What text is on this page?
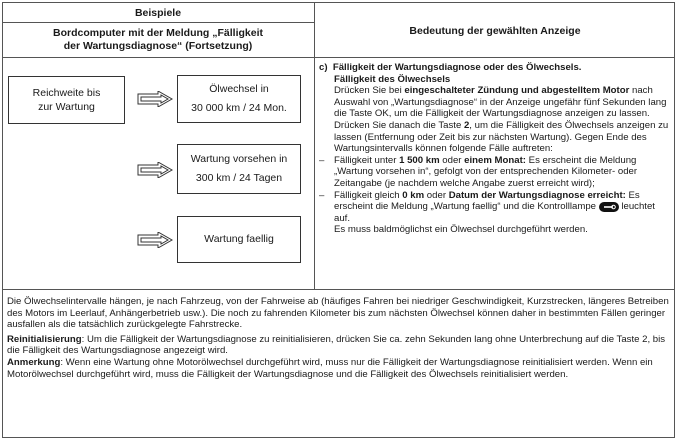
Beispiele
Bordcomputer mit der Meldung „Fälligkeit
der Wartungsdiagnose“ (Fortsetzung)
Bedeutung der gewählten Anzeige
Reichweite bis
zur Wartung
Ölwechsel in
30 000 km / 24 Mon.
Wartung vorsehen in
300 km / 24 Tagen
Wartung faellig

c)  Fälligkeit der Wartungsdiagnose oder des Ölwechsels.

Fälligkeit des Ölwechsels

Drücken Sie bei eingeschalteter Zündung und abgestelltem Motor nach Auswahl von „Wartungsdiagnose“ in der Anzeige ungefähr fünf Sekunden lang die Taste OK, um die Fälligkeit der Wartungsdiagnose anzeigen zu lassen. Drücken Sie danach die Taste 2, um die Fälligkeit des Ölwechsels anzeigen zu lassen (Entfernung oder Zeit bis zur nächsten Wartung). Gegen Ende des Wartungsintervalls können folgende Fälle auftreten:

– Fälligkeit unter 1 500 km oder einem Monat: Es erscheint die Meldung „Wartung vorsehen in“, gefolgt von der entsprechenden Kilometer- oder Zeitangabe (je nachdem welche Angabe zuerst erreicht wird);

– Fälligkeit gleich 0 km oder Datum der Wartungsdiagnose erreicht: Es erscheint die Meldung „Wartung faellig“ und die Kontrolllampe  leuchtet auf.

Es muss baldmöglichst ein Ölwechsel durchgeführt werden.

Die Ölwechselintervalle hängen, je nach Fahrzeug, von der Fahrweise ab (häufiges Fahren bei niedriger Geschwindigkeit, Kurzstrecken, längeres Betreiben des Motors im Leerlauf, Anhängerbetrieb usw.). Die noch zu fahrenden Kilometer bis zum nächsten Ölwechsel können daher in bestimmten Fällen geringer ausfallen als die tatsächlich zurückgelegte Fahrstrecke.

Reinitialisierung: Um die Fälligkeit der Wartungsdiagnose zu reinitialisieren, drücken Sie ca. zehn Sekunden lang ohne Unterbrechung auf die Taste 2, bis die Fälligkeit des Wartungsdiagnose angezeigt wird.

Anmerkung: Wenn eine Wartung ohne Motorölwechsel durchgeführt wird, muss nur die Fälligkeit der Wartungsdiagnose reinitialisiert werden. Wenn ein Motorölwechsel durchgeführt wird, muss die Fälligkeit der Wartungsdiagnose und die Fälligkeit des Ölwechsels reinitialisiert werden.
